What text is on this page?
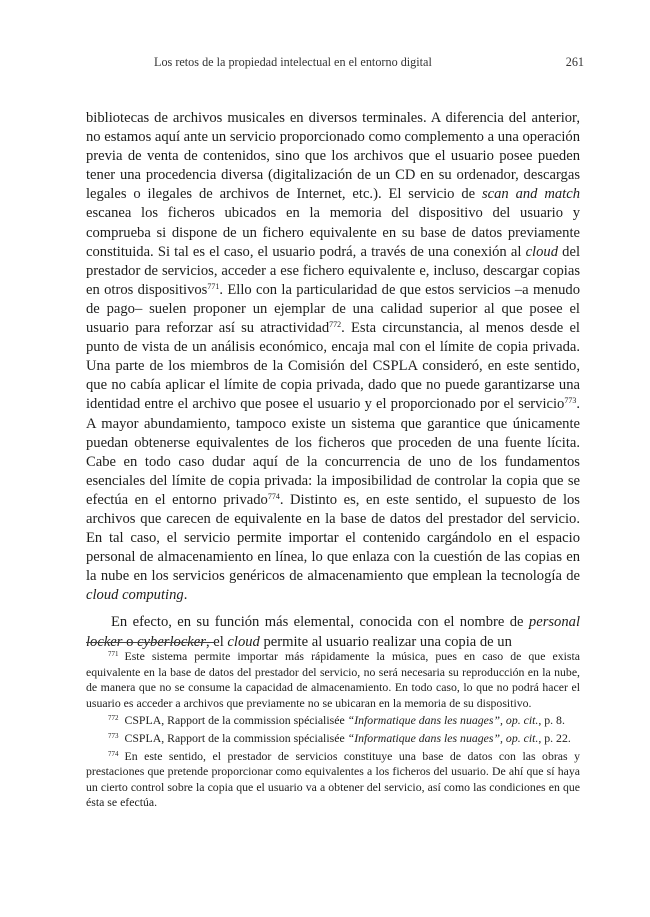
Los retos de la propiedad intelectual en el entorno digital	261

bibliotecas de archivos musicales en diversos terminales. A diferencia del anterior, no estamos aquí ante un servicio proporcionado como complemento a una operación previa de venta de contenidos, sino que los archivos que el usuario posee pueden tener una procedencia diversa (digitalización de un CD en su ordenador, descargas legales o ilegales de archivos de Internet, etc.). El servicio de scan and match escanea los ficheros ubicados en la memoria del dispositivo del usuario y comprueba si dispone de un fichero equivalente en su base de datos previamente constituida. Si tal es el caso, el usuario podrá, a través de una conexión al cloud del prestador de servicios, acceder a ese fichero equivalente e, incluso, descargar copias en otros dispositivos$^{771}$. Ello con la particularidad de que estos servicios –a menudo de pago– suelen proponer un ejemplar de una calidad superior al que posee el usuario para reforzar así su atractividad$^{772}$. Esta circunstancia, al menos desde el punto de vista de un análisis económico, encaja mal con el límite de copia privada. Una parte de los miembros de la Comisión del CSPLA consideró, en este sentido, que no cabía aplicar el límite de copia privada, dado que no puede garantizarse una identidad entre el archivo que posee el usuario y el proporcionado por el servicio$^{773}$. A mayor abundamiento, tampoco existe un sistema que garantice que únicamente puedan obtenerse equivalentes de los ficheros que proceden de una fuente lícita. Cabe en todo caso dudar aquí de la concurrencia de uno de los fundamentos esenciales del límite de copia privada: la imposibilidad de controlar la copia que se efectúa en el entorno privado$^{774}$. Distinto es, en este sentido, el supuesto de los archivos que carecen de equivalente en la base de datos del prestador del servicio. En tal caso, el servicio permite importar el contenido cargándolo en el espacio personal de almacenamiento en línea, lo que enlaza con la cuestión de las copias en la nube en los servicios genéricos de almacenamiento que emplean la tecnología de cloud computing.

En efecto, en su función más elemental, conocida con el nombre de personal locker o cyberlocker, el cloud permite al usuario realizar una copia de un

$^{771}$ Este sistema permite importar más rápidamente la música, pues en caso de que exista equivalente en la base de datos del prestador del servicio, no será necesaria su reproducción en la nube, de manera que no se consume la capacidad de almacenamiento. En todo caso, lo que no podrá hacer el usuario es acceder a archivos que previamente no se ubicaran en la memoria de su dispositivo.

$^{772}$ CSPLA, Rapport de la commission spécialisée “Informatique dans les nuages”, op. cit., p. 8.

$^{773}$ CSPLA, Rapport de la commission spécialisée “Informatique dans les nuages”, op. cit., p. 22.

$^{774}$ En este sentido, el prestador de servicios constituye una base de datos con las obras y prestaciones que pretende proporcionar como equivalentes a los ficheros del usuario. De ahí que sí haya un cierto control sobre la copia que el usuario va a obtener del servicio, así como las condiciones en que ésta se efectúa.
